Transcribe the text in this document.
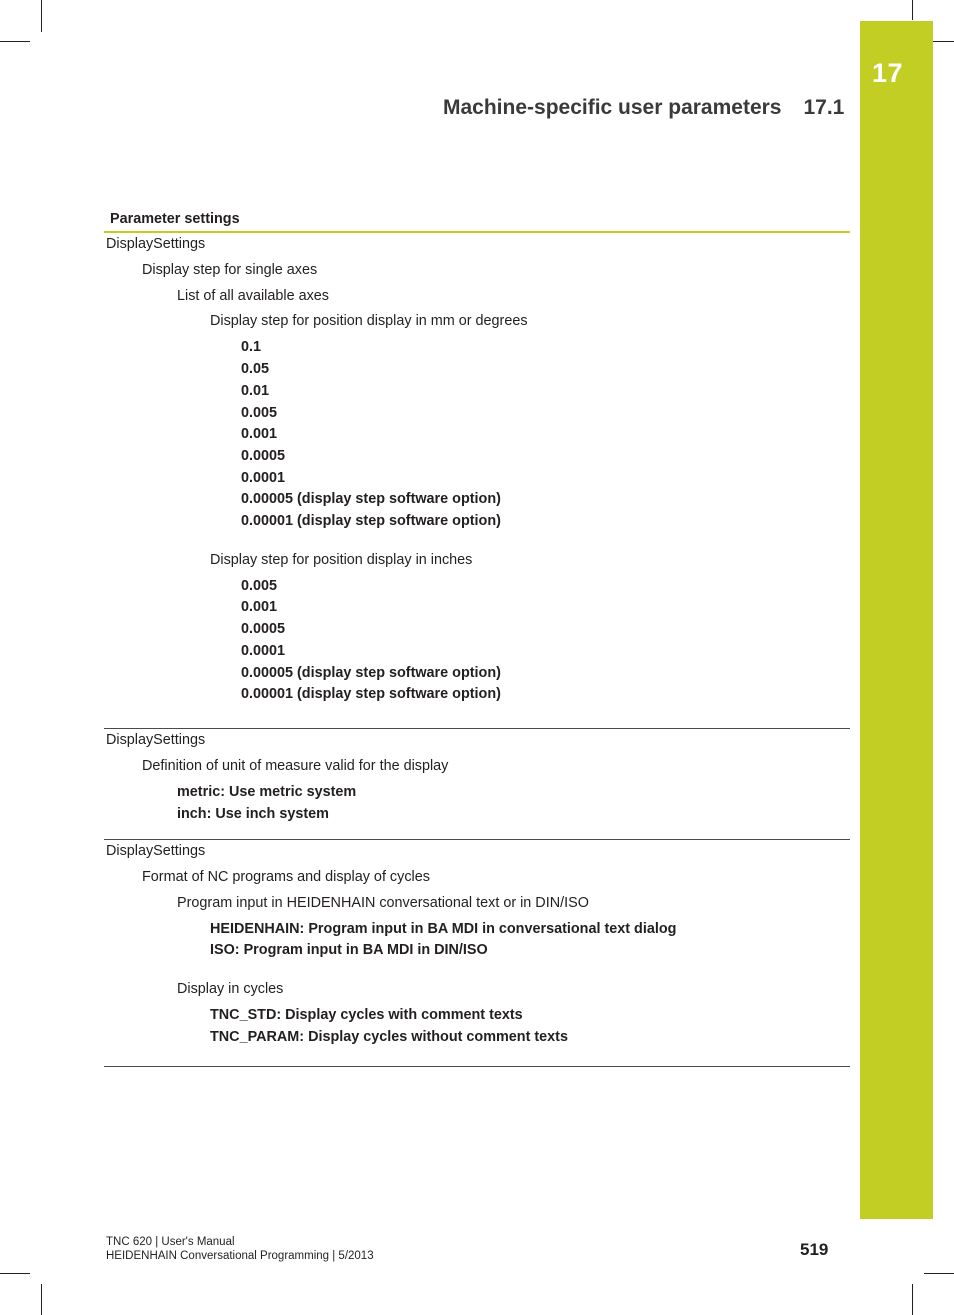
17
Machine-specific user parameters 17.1
Parameter settings
DisplaySettings
Display step for single axes
List of all available axes
Display step for position display in mm or degrees
0.1
0.05
0.01
0.005
0.001
0.0005
0.0001
0.00005 (display step software option)
0.00001 (display step software option)
Display step for position display in inches
0.005
0.001
0.0005
0.0001
0.00005 (display step software option)
0.00001 (display step software option)
DisplaySettings
Definition of unit of measure valid for the display
metric: Use metric system
inch: Use inch system
DisplaySettings
Format of NC programs and display of cycles
Program input in HEIDENHAIN conversational text or in DIN/ISO
HEIDENHAIN: Program input in BA MDI in conversational text dialog
ISO: Program input in BA MDI in DIN/ISO
Display in cycles
TNC_STD: Display cycles with comment texts
TNC_PARAM: Display cycles without comment texts
TNC 620 | User's Manual
HEIDENHAIN Conversational Programming | 5/2013	519
